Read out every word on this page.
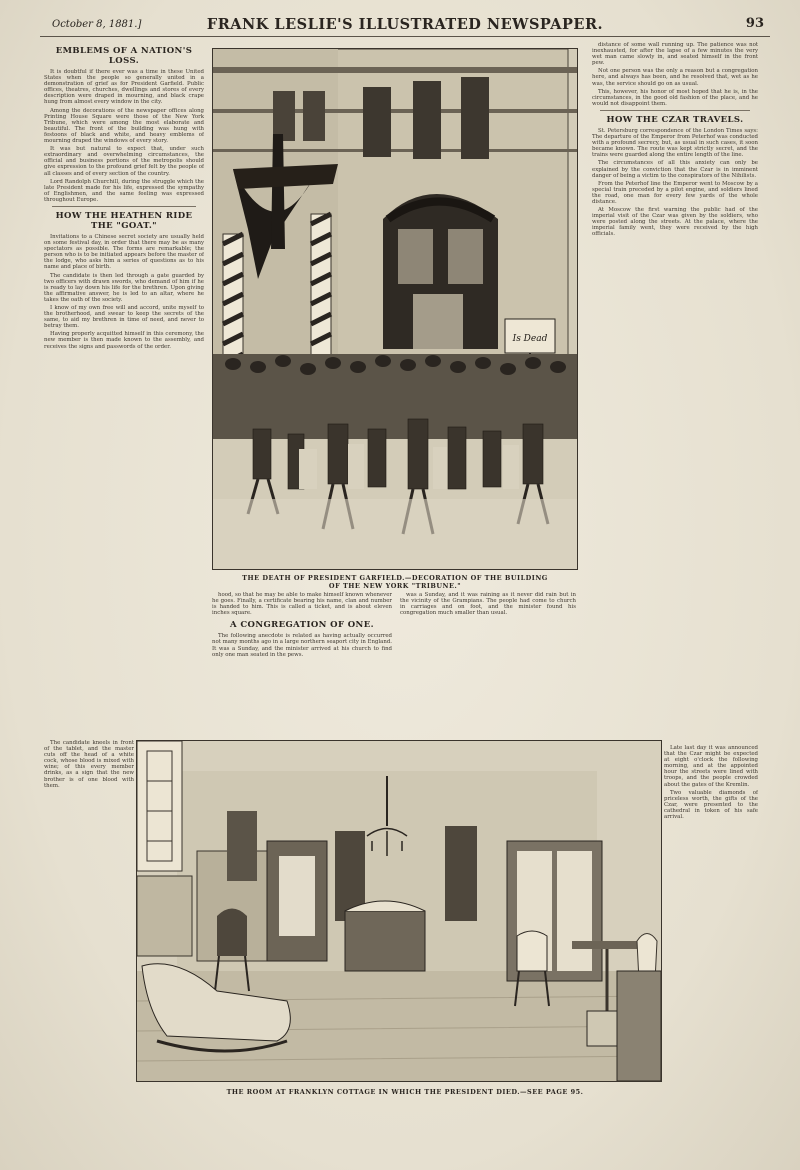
October 8, 1881.]	FRANK LESLIE'S ILLUSTRATED NEWSPAPER.	93
EMBLEMS OF A NATION'S LOSS.

It is doubtful if there ever was a time in these United States when the people so generally united in a demonstration of grief as for President Garfield. Public offices, theatres, churches, dwellings and stores of every description were draped in mourning, and black crape hung from almost every window in the city.

Among the decorations of the newspaper offices along Printing House Square were those of the New York Tribune, which were among the most elaborate and beautiful. The front of the building was hung with festoons of black and white, and heavy emblems of mourning draped the windows of every story.

It was but natural to expect that, under such extraordinary and overwhelming circumstances, the official and business portions of the metropolis should give expression to the profound grief felt by the people of all classes and of every section of the country.

Lord Randolph Churchill, during the struggle which the late President made for his life, expressed the sympathy of Englishmen, and the same feeling was expressed throughout Europe.

HOW THE HEATHEN RIDE THE "GOAT."

Invitations to a Chinese secret society are usually held on some festival day, in order that there may be as many spectators as possible. The forms are remarkable; the person who is to be initiated appears before the master of the lodge, who asks him a series of questions as to his name and place of birth.

The candidate is then led through a gate guarded by two officers with drawn swords, who demand of him if he is ready to lay down his life for the brethren. Upon giving the affirmative answer, he is led to an altar, where he takes the oath of the society.

I know of my own free will and accord, unite myself to the brotherhood, and swear to keep the secrets of the same, to aid my brethren in time of need, and never to betray them.

Having properly acquitted himself in this ceremony, the new member is then made known to the assembly, and receives the signs and passwords of the order.

The candidate kneels in front of the tablet, and the master cuts off the head of a white cock, whose blood is mixed with wine; of this every member drinks, as a sign that the new brother is of one blood with them.

Is Dead
THE DEATH OF PRESIDENT GARFIELD.—DECORATION OF THE BUILDING OF THE NEW YORK "TRIBUNE."

distance of some wall running up. The patience was not inexhausted, for after the lapse of a few minutes the very wet man came slowly in, and seated himself in the front pew.

Not one person was the only a reason but a congregation here, and always has been, and he resolved that, wet as he was, the service should go on as usual.

This, however, his honor of most hoped that he is, in the circumstances, in the good old fashion of the place, and he would not disappoint them.

HOW THE CZAR TRAVELS.

St. Petersburg correspondence of the London Times says: The departure of the Emperor from Peterhof was conducted with a profound secrecy, but, as usual in such cases, it soon became known. The route was kept strictly secret, and the trains were guarded along the entire length of the line.

The circumstances of all this anxiety can only be explained by the conviction that the Czar is in imminent danger of being a victim to the conspirators of the Nihilists.

From the Peterhof line the Emperor went to Moscow by a special train preceded by a pilot engine, and soldiers lined the road, one man for every few yards of the whole distance.

At Moscow the first warning the public had of the imperial visit of the Czar was given by the soldiers, who were posted along the streets. At the palace, where the imperial family went, they were received by the high officials.

Late last day it was announced that the Czar might be expected at eight o'clock the following morning, and at the appointed hour the streets were lined with troops, and the people crowded about the gates of the Kremlin.

Two valuable diamonds of priceless worth, the gifts of the Czar, were presented to the cathedral in token of his safe arrival.

hood, so that he may be able to make himself known whenever he goes. Finally, a certificate bearing his name, clan and number is handed to him. This is called a ticket, and is about eleven inches square.

A CONGREGATION OF ONE.

The following anecdote is related as having actually occurred not many months ago in a large northern seaport city in England. It was a Sunday, and the minister arrived at his church to find only one man seated in the pews.

was a Sunday, and it was raining as it never did rain but in the vicinity of the Grampians. The people had come to church in carriages and on foot, and the minister found his congregation much smaller than usual.

THE ROOM AT FRANKLYN COTTAGE IN WHICH THE PRESIDENT DIED.—SEE PAGE 95.
